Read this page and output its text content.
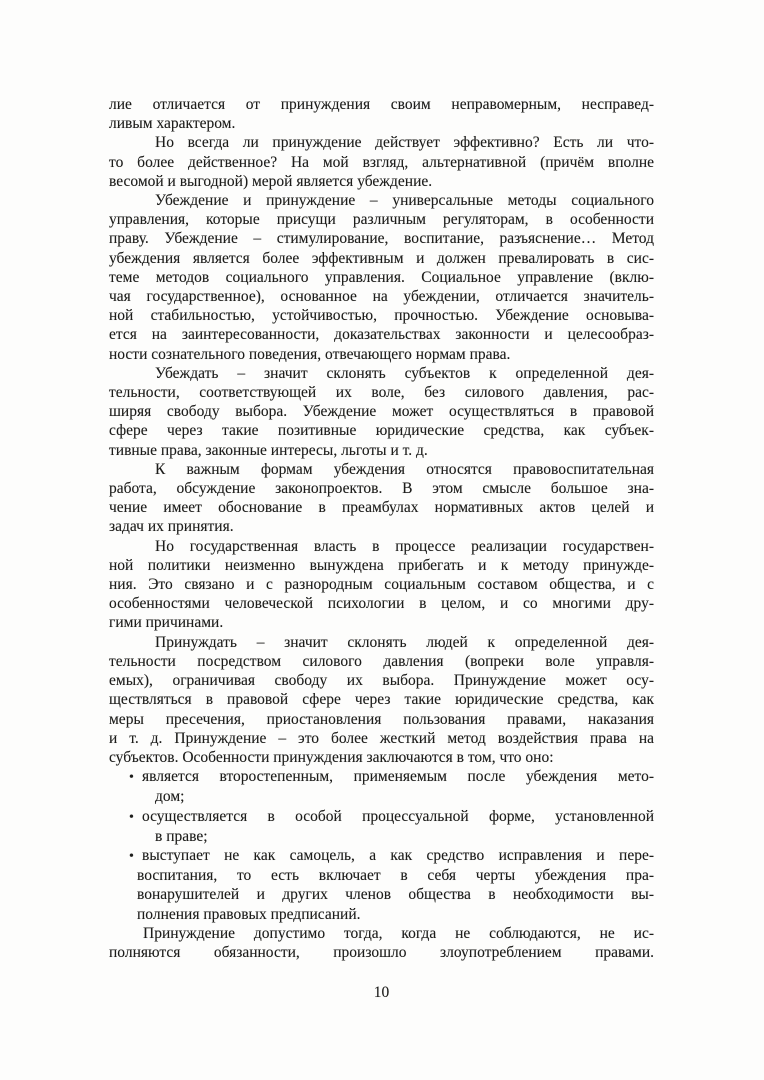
лие отличается от принуждения своим неправомерным, несправед-
ливым характером.
Но всегда ли принуждение действует эффективно? Есть ли что-
то более действенное? На мой взгляд, альтернативной (причём вполне
весомой и выгодной) мерой является убеждение.
Убеждение и принуждение – универсальные методы социального
управления, которые присущи различным регуляторам, в особенности
праву. Убеждение – стимулирование, воспитание, разъяснение… Метод
убеждения является более эффективным и должен превалировать в сис-
теме методов социального управления. Социальное управление (вклю-
чая государственное), основанное на убеждении, отличается значитель-
ной стабильностью, устойчивостью, прочностью. Убеждение основыва-
ется на заинтересованности, доказательствах законности и целесообраз-
ности сознательного поведения, отвечающего нормам права.
Убеждать – значит склонять субъектов к определенной дея-
тельности, соответствующей их воле, без силового давления, рас-
ширяя свободу выбора. Убеждение может осуществляться в правовой
сфере через такие позитивные юридические средства, как субъек-
тивные права, законные интересы, льготы и т. д.
К важным формам убеждения относятся правовоспитательная
работа, обсуждение законопроектов. В этом смысле большое зна-
чение имеет обоснование в преамбулах нормативных актов целей и
задач их принятия.
Но государственная власть в процессе реализации государствен-
ной политики неизменно вынуждена прибегать и к методу принужде-
ния. Это связано и с разнородным социальным составом общества, и с
особенностями человеческой психологии в целом, и со многими дру-
гими причинами.
Принуждать – значит склонять людей к определенной дея-
тельности посредством силового давления (вопреки воле управля-
емых), ограничивая свободу их выбора. Принуждение может осу-
ществляться в правовой сфере через такие юридические средства, как
меры пресечения, приостановления пользования правами, наказания
и т. д. Принуждение – это более жесткий метод воздействия права на
субъектов. Особенности принуждения заключаются в том, что оно:
• является второстепенным, применяемым после убеждения мето-
дом;
• осуществляется в особой процессуальной форме, установленной
в праве;
• выступает не как самоцель, а как средство исправления и пере-
воспитания, то есть включает в себя черты убеждения пра-
вонарушителей и других членов общества в необходимости вы-
полнения правовых предписаний.
Принуждение допустимо тогда, когда не соблюдаются, не ис-
полняются обязанности, произошло злоупотреблением правами.
10
